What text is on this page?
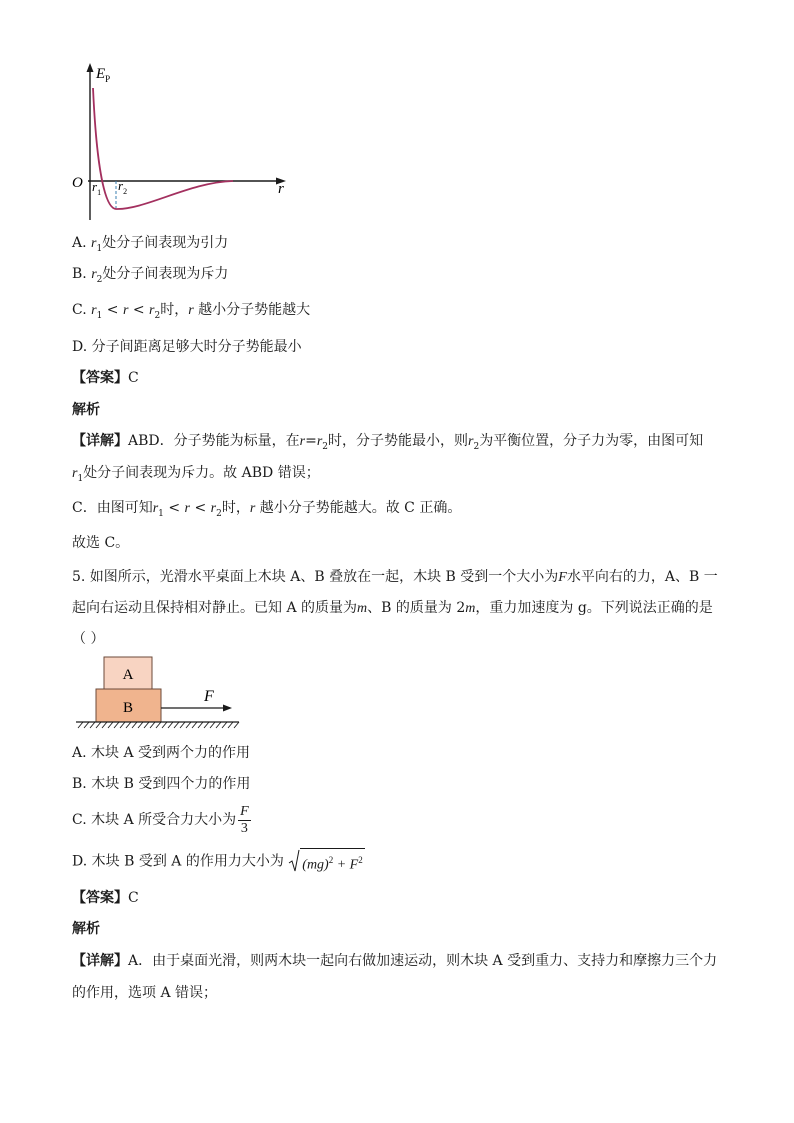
$E_P$
O	r
$r_1$ $r_2$
A. $r_1$处分子间表现为引力
B. $r_2$处分子间表现为斥力
C. $r_1 < r < r_2$时，r 越小分子势能越大
D. 分子间距离足够大时分子势能最小
【答案】C
解析
【详解】ABD．分子势能为标量，在$r=r_2$时，分子势能最小，则$r_2$为平衡位置，分子力为零，由图可知
$r_1$处分子间表现为斥力。故 ABD 错误；
C．由图可知$r_1 < r < r_2$时，r 越小分子势能越大。故 C 正确。
故选 C。
5. 如图所示，光滑水平桌面上木块 A、B 叠放在一起，木块 B 受到一个大小为F水平向右的力，A、B 一
起向右运动且保持相对静止。已知 A 的质量为m、B 的质量为 2m，重力加速度为 g。下列说法正确的是
（ ）
A
B
F
A. 木块 A 受到两个力的作用
B. 木块 B 受到四个力的作用
C. 木块 A 所受合力大小为 $\frac{F}{3}$
D. 木块 B 受到 A 的作用力大小为 $(mg)^2 + F^2$
【答案】C
解析
【详解】A．由于桌面光滑，则两木块一起向右做加速运动，则木块 A 受到重力、支持力和摩擦力三个力
的作用，选项 A 错误；
